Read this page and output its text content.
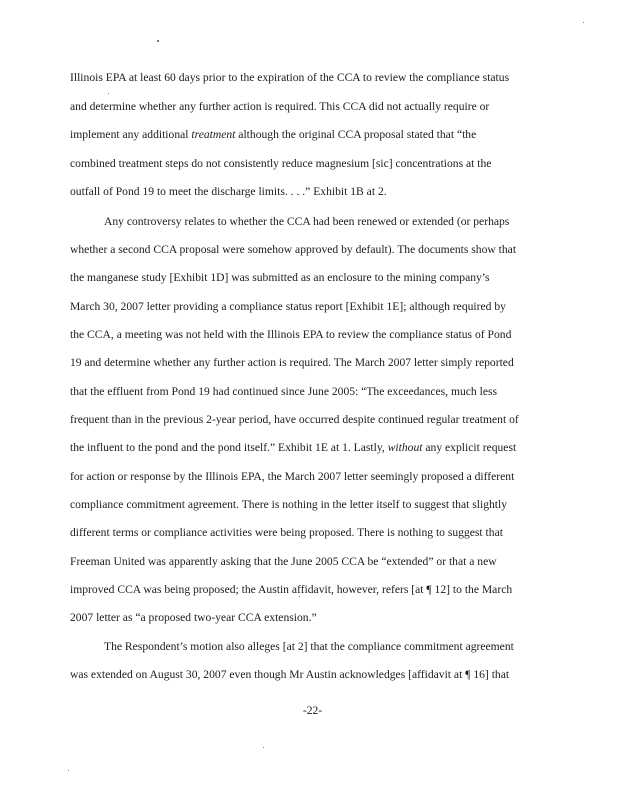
Illinois EPA at least 60 days prior to the expiration of the CCA to review the compliance status
and determine whether any further action is required. This CCA did not actually require or
implement any additional treatment although the original CCA proposal stated that “the
combined treatment steps do not consistently reduce magnesium [sic] concentrations at the
outfall of Pond 19 to meet the discharge limits. . . .” Exhibit 1B at 2.
Any controversy relates to whether the CCA had been renewed or extended (or perhaps
whether a second CCA proposal were somehow approved by default). The documents show that
the manganese study [Exhibit 1D] was submitted as an enclosure to the mining company’s
March 30, 2007 letter providing a compliance status report [Exhibit 1E]; although required by
the CCA, a meeting was not held with the Illinois EPA to review the compliance status of Pond
19 and determine whether any further action is required. The March 2007 letter simply reported
that the effluent from Pond 19 had continued since June 2005: “The exceedances, much less
frequent than in the previous 2-year period, have occurred despite continued regular treatment of
the influent to the pond and the pond itself.” Exhibit 1E at 1. Lastly, without any explicit request
for action or response by the Illinois EPA, the March 2007 letter seemingly proposed a different
compliance commitment agreement. There is nothing in the letter itself to suggest that slightly
different terms or compliance activities were being proposed. There is nothing to suggest that
Freeman United was apparently asking that the June 2005 CCA be “extended” or that a new
improved CCA was being proposed; the Austin affidavit, however, refers [at ¶ 12] to the March
2007 letter as “a proposed two-year CCA extension.”
The Respondent’s motion also alleges [at 2] that the compliance commitment agreement
was extended on August 30, 2007 even though Mr Austin acknowledges [affidavit at ¶ 16] that
-22-
